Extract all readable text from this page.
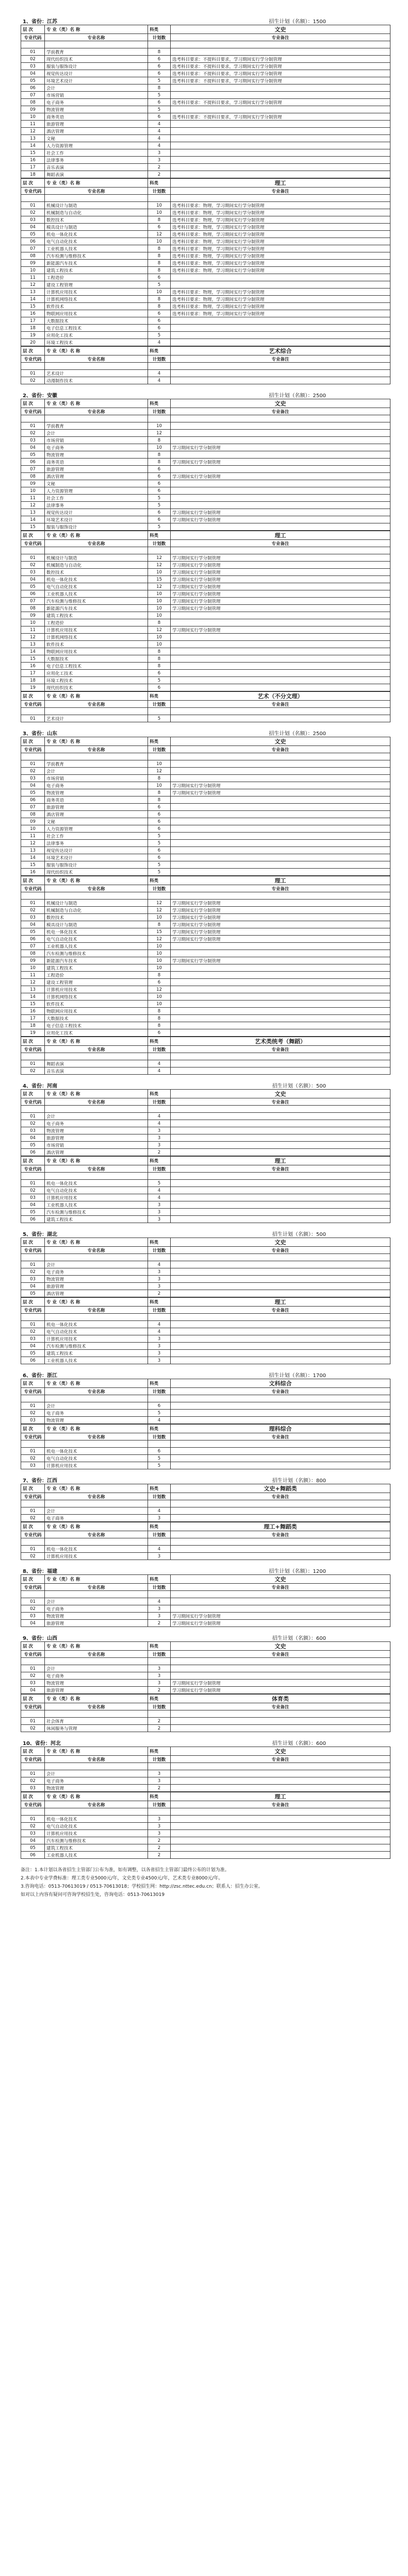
1、省份：江苏	招生计划（名额）：1500
层 次	专 业（类）名 称	科类	文史
专业代码	专业名称	计划数	专业备注

01	学前教育	8	
02	现代纺织技术	6	选考科目要求：不提科目要求，学习期间实行学分制管理
03	服装与服饰设计	6	选考科目要求：不提科目要求，学习期间实行学分制管理
04	视觉传达设计	6	选考科目要求：不提科目要求，学习期间实行学分制管理
05	环境艺术设计	5	选考科目要求：不提科目要求，学习期间实行学分制管理
06	会计	8	
07	市场营销	5	
08	电子商务	6	选考科目要求：不提科目要求，学习期间实行学分制管理
09	物流管理	5	
10	商务英语	6	选考科目要求：不提科目要求，学习期间实行学分制管理
11	旅游管理	4	
12	酒店管理	4	
13	文秘	4	
14	人力资源管理	4	
15	社会工作	3	
16	法律事务	3	
17	音乐表演	2	
18	舞蹈表演	2	
层 次	专 业（类）名 称	科类	理工
专业代码	专业名称	计划数	专业备注

01	机械设计与制造	10	选考科目要求：物理，学习期间实行学分制管理
02	机械制造与自动化	10	选考科目要求：物理，学习期间实行学分制管理
03	数控技术	8	选考科目要求：物理，学习期间实行学分制管理
04	模具设计与制造	6	选考科目要求：物理，学习期间实行学分制管理
05	机电一体化技术	12	选考科目要求：物理，学习期间实行学分制管理
06	电气自动化技术	10	选考科目要求：物理，学习期间实行学分制管理
07	工业机器人技术	8	选考科目要求：物理，学习期间实行学分制管理
08	汽车检测与维修技术	8	选考科目要求：物理，学习期间实行学分制管理
09	新能源汽车技术	8	选考科目要求：物理，学习期间实行学分制管理
10	建筑工程技术	8	选考科目要求：物理，学习期间实行学分制管理
11	工程造价	6	
12	建设工程管理	5	
13	计算机应用技术	10	选考科目要求：物理，学习期间实行学分制管理
14	计算机网络技术	8	选考科目要求：物理，学习期间实行学分制管理
15	软件技术	8	选考科目要求：物理，学习期间实行学分制管理
16	物联网应用技术	6	选考科目要求：物理，学习期间实行学分制管理
17	大数据技术	6	
18	电子信息工程技术	6	
19	应用化工技术	5	
20	环境工程技术	4	
层 次	专 业（类）名 称	科类	艺术综合
专业代码	专业名称	计划数	专业备注

01	艺术设计	4	
02	动漫制作技术	4	
2、省份：安徽	招生计划（名额）：2500
层 次	专 业（类）名 称	科类	文史
专业代码	专业名称	计划数	专业备注

01	学前教育	10	
02	会计	12	
03	市场营销	8	
04	电子商务	10	学习期间实行学分制管理
05	物流管理	8	
06	商务英语	8	学习期间实行学分制管理
07	旅游管理	6	
08	酒店管理	6	学习期间实行学分制管理
09	文秘	6	
10	人力资源管理	6	
11	社会工作	5	
12	法律事务	5	
13	视觉传达设计	6	学习期间实行学分制管理
14	环境艺术设计	6	学习期间实行学分制管理
15	服装与服饰设计	5	
层 次	专 业（类）名 称	科类	理工
专业代码	专业名称	计划数	专业备注

01	机械设计与制造	12	学习期间实行学分制管理
02	机械制造与自动化	12	学习期间实行学分制管理
03	数控技术	10	学习期间实行学分制管理
04	机电一体化技术	15	学习期间实行学分制管理
05	电气自动化技术	12	学习期间实行学分制管理
06	工业机器人技术	10	学习期间实行学分制管理
07	汽车检测与维修技术	10	学习期间实行学分制管理
08	新能源汽车技术	10	学习期间实行学分制管理
09	建筑工程技术	10	
10	工程造价	8	
11	计算机应用技术	12	学习期间实行学分制管理
12	计算机网络技术	10	
13	软件技术	10	
14	物联网应用技术	8	
15	大数据技术	8	
16	电子信息工程技术	8	
17	应用化工技术	6	
18	环境工程技术	5	
19	现代纺织技术	6	
层 次	专 业（类）名 称	科类	艺术（不分文理）
专业代码	专业名称	计划数	专业备注

01	艺术设计	5	
3、省份：山东	招生计划（名额）：2500
层 次	专 业（类）名 称	科类	文史
专业代码	专业名称	计划数	专业备注

01	学前教育	10	
02	会计	12	
03	市场营销	8	
04	电子商务	10	学习期间实行学分制管理
05	物流管理	8	学习期间实行学分制管理
06	商务英语	8	
07	旅游管理	6	
08	酒店管理	6	
09	文秘	6	
10	人力资源管理	6	
11	社会工作	5	
12	法律事务	5	
13	视觉传达设计	6	
14	环境艺术设计	6	
15	服装与服饰设计	5	
16	现代纺织技术	5	
层 次	专 业（类）名 称	科类	理工
专业代码	专业名称	计划数	专业备注

01	机械设计与制造	12	学习期间实行学分制管理
02	机械制造与自动化	12	学习期间实行学分制管理
03	数控技术	10	学习期间实行学分制管理
04	模具设计与制造	8	学习期间实行学分制管理
05	机电一体化技术	15	学习期间实行学分制管理
06	电气自动化技术	12	学习期间实行学分制管理
07	工业机器人技术	10	
08	汽车检测与维修技术	10	
09	新能源汽车技术	10	学习期间实行学分制管理
10	建筑工程技术	10	
11	工程造价	8	
12	建设工程管理	6	
13	计算机应用技术	12	
14	计算机网络技术	10	
15	软件技术	10	
16	物联网应用技术	8	
17	大数据技术	8	
18	电子信息工程技术	8	
19	应用化工技术	6	
层 次	专 业（类）名 称	科类	艺术类统考（舞蹈）
专业代码	专业名称	计划数	专业备注

01	舞蹈表演	4	
02	音乐表演	4	
4、省份：河南	招生计划（名额）：500
层 次	专 业（类）名 称	科类	文史
专业代码	专业名称	计划数	专业备注

01	会计	4	
02	电子商务	4	
03	物流管理	3	
04	旅游管理	3	
05	市场营销	3	
06	酒店管理	2	
层 次	专 业（类）名 称	科类	理工
专业代码	专业名称	计划数	专业备注

01	机电一体化技术	5	
02	电气自动化技术	4	
03	计算机应用技术	4	
04	工业机器人技术	3	
05	汽车检测与维修技术	3	
06	建筑工程技术	3	
5、省份：湖北	招生计划（名额）：500
层 次	专 业（类）名 称	科类	文史
专业代码	专业名称	计划数	专业备注

01	会计	4	
02	电子商务	3	
03	物流管理	3	
04	旅游管理	3	
05	酒店管理	2	
层 次	专 业（类）名 称	科类	理工
专业代码	专业名称	计划数	专业备注

01	机电一体化技术	4	
02	电气自动化技术	4	
03	计算机应用技术	3	
04	汽车检测与维修技术	3	
05	建筑工程技术	3	
06	工业机器人技术	3	
6、省份：浙江	招生计划（名额）：1700
层 次	专 业（类）名 称	科类	文科综合
专业代码	专业名称	计划数	专业备注

01	会计	6	
02	电子商务	5	
03	物流管理	4	
层 次	专 业（类）名 称	科类	理科综合
专业代码	专业名称	计划数	专业备注

01	机电一体化技术	6	
02	电气自动化技术	5	
03	计算机应用技术	5	
7、省份：江西	招生计划（名额）：800
层 次	专 业（类）名 称	科类	文史+舞蹈类
专业代码	专业名称	计划数	专业备注

01	会计	4	
02	电子商务	3	
层 次	专 业（类）名 称	科类	理工+舞蹈类
专业代码	专业名称	计划数	专业备注

01	机电一体化技术	4	
02	计算机应用技术	3	
8、省份：福建	招生计划（名额）：1200
层 次	专 业（类）名 称	科类	文史
专业代码	专业名称	计划数	专业备注

01	会计	4	
02	电子商务	3	
03	物流管理	3	学习期间实行学分制管理
04	旅游管理	2	学习期间实行学分制管理
9、省份：山西	招生计划（名额）：600
层 次	专 业（类）名 称	科类	文史
专业代码	专业名称	计划数	专业备注

01	会计	3	
02	电子商务	3	
03	物流管理	3	学习期间实行学分制管理
04	旅游管理	2	学习期间实行学分制管理
层 次	专 业（类）名 称	科类	体育类
专业代码	专业名称	计划数	专业备注

01	社会体育	2	
02	休闲服务与管理	2	
10、省份：河北	招生计划（名额）：600
层 次	专 业（类）名 称	科类	文史
专业代码	专业名称	计划数	专业备注

01	会计	3	
02	电子商务	3	
03	物流管理	2	
层 次	专 业（类）名 称	科类	理工
专业代码	专业名称	计划数	专业备注

01	机电一体化技术	3	
02	电气自动化技术	3	
03	计算机应用技术	3	
04	汽车检测与维修技术	2	
05	建筑工程技术	2	
06	工业机器人技术	2	
备注：1.本计划以各省招生主管部门公布为准，如有调整，以各省招生主管部门最终公布的计划为准。
2.本表中专业学费标准：理工类专业5000元/年，文史类专业4500元/年，艺术类专业8000元/年。
3.咨询电话：0513-70613019 / 0513-70613018；学校招生网：http://zsc.nttec.edu.cn；联系人：招生办公室。
如对以上内容有疑问可咨询学校招生处，咨询电话：0513-70613019
